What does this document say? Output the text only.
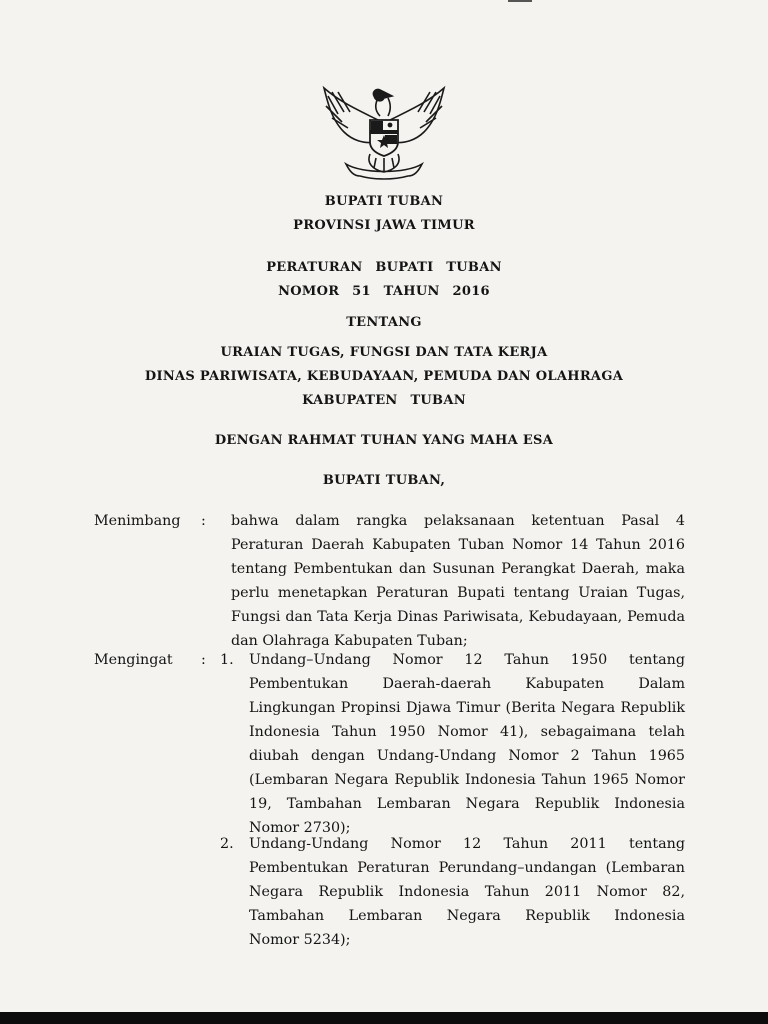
BUPATI TUBAN

PROVINSI JAWA TIMUR

PERATURAN BUPATI TUBAN

NOMOR 51 TAHUN 2016

TENTANG

URAIAN TUGAS, FUNGSI DAN TATA KERJA

DINAS PARIWISATA, KEBUDAYAAN, PEMUDA DAN OLAHRAGA

KABUPATEN TUBAN

DENGAN RAHMAT TUHAN YANG MAHA ESA

BUPATI TUBAN,

Menimbang : bahwa dalam rangka pelaksanaan ketentuan Pasal 4
Peraturan Daerah Kabupaten Tuban Nomor 14 Tahun 2016
tentang Pembentukan dan Susunan Perangkat Daerah, maka
perlu menetapkan Peraturan Bupati tentang Uraian Tugas,
Fungsi dan Tata Kerja Dinas Pariwisata, Kebudayaan, Pemuda
dan Olahraga Kabupaten Tuban;
Mengingat : 1. Undang–Undang Nomor 12 Tahun 1950 tentang
Pembentukan Daerah-daerah Kabupaten Dalam
Lingkungan Propinsi Djawa Timur (Berita Negara Republik
Indonesia Tahun 1950 Nomor 41), sebagaimana telah
diubah dengan Undang-Undang Nomor 2 Tahun 1965
(Lembaran Negara Republik Indonesia Tahun 1965 Nomor
19, Tambahan Lembaran Negara Republik Indonesia
Nomor 2730);
2. Undang-Undang Nomor 12 Tahun 2011 tentang
Pembentukan Peraturan Perundang–undangan (Lembaran
Negara Republik Indonesia Tahun 2011 Nomor 82,
Tambahan Lembaran Negara Republik Indonesia
Nomor 5234);
